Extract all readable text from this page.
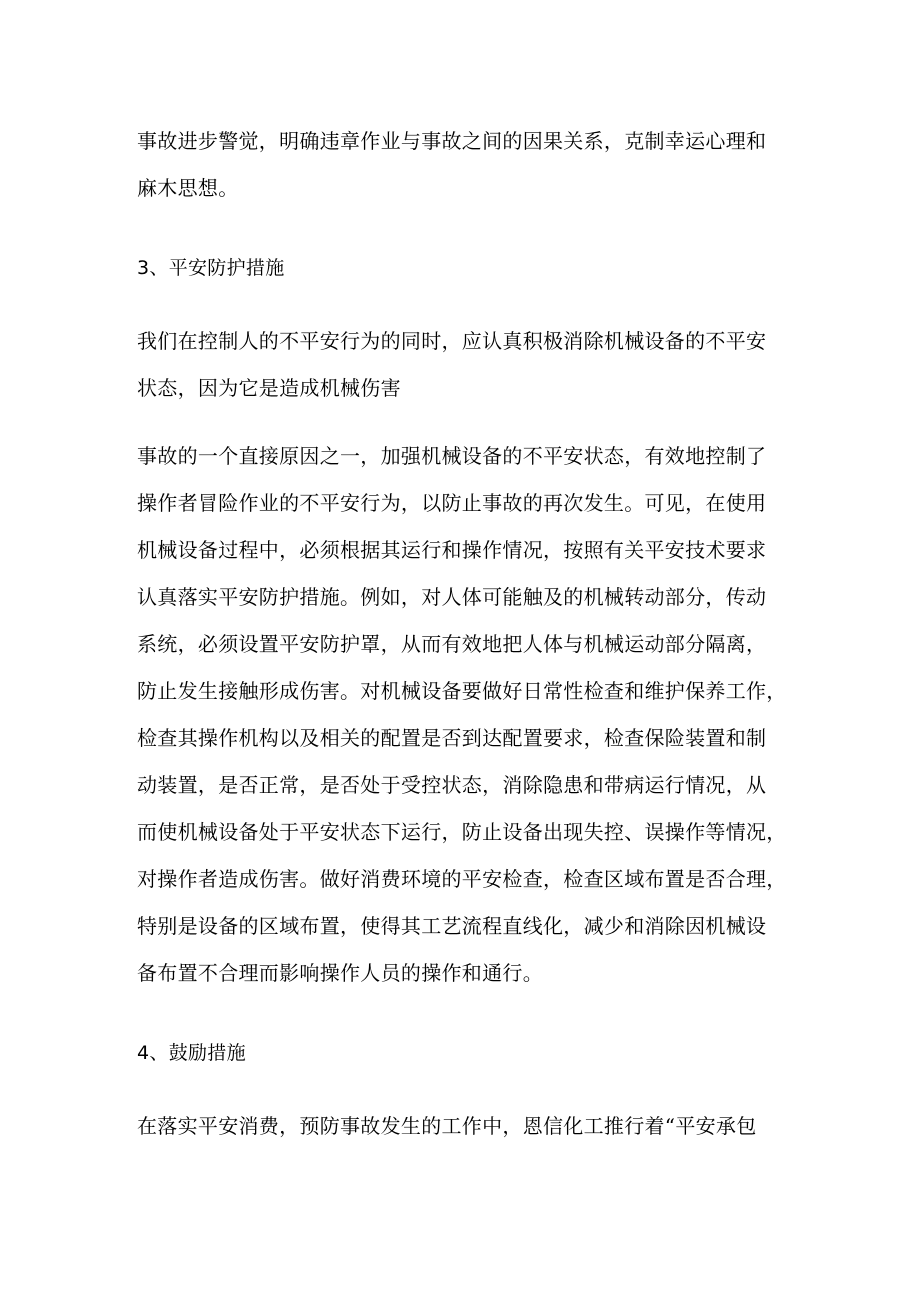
事故进步警觉，明确违章作业与事故之间的因果关系，克制幸运心理和
麻木思想。
3、平安防护措施
我们在控制人的不平安行为的同时，应认真积极消除机械设备的不平安
状态，因为它是造成机械伤害
事故的一个直接原因之一，加强机械设备的不平安状态，有效地控制了
操作者冒险作业的不平安行为，以防止事故的再次发生。可见，在使用
机械设备过程中，必须根据其运行和操作情况，按照有关平安技术要求
认真落实平安防护措施。例如，对人体可能触及的机械转动部分，传动
系统，必须设置平安防护罩，从而有效地把人体与机械运动部分隔离，
防止发生接触形成伤害。对机械设备要做好日常性检查和维护保养工作，
检查其操作机构以及相关的配置是否到达配置要求，检查保险装置和制
动装置，是否正常，是否处于受控状态，消除隐患和带病运行情况，从
而使机械设备处于平安状态下运行，防止设备出现失控、误操作等情况，
对操作者造成伤害。做好消费环境的平安检查，检查区域布置是否合理，
特别是设备的区域布置，使得其工艺流程直线化，减少和消除因机械设
备布置不合理而影响操作人员的操作和通行。
4、鼓励措施
在落实平安消费，预防事故发生的工作中，恩信化工推行着“平安承包
